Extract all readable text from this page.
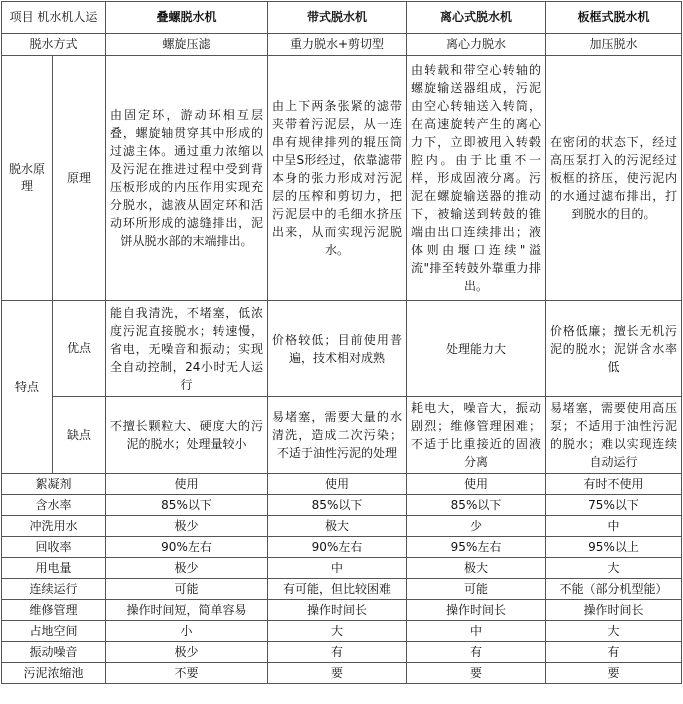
项目 机水机人运		叠螺脱水机	带式脱水机	离心式脱水机	板框式脱水机
脱水方式		螺旋压滤	重力脱水+剪切型	离心力脱水	加压脱水
脱水原理	原理	由固定环，游动环相互层叠，螺旋轴贯穿其中形成的过滤主体。通过重力浓缩以及污泥在推进过程中受到背压板形成的内压作用实现充分脱水，滤液从固定环和活动环所形成的滤缝排出，泥饼从脱水部的末端排出。	由上下两条张紧的滤带夹带着污泥层，从一连串有规律排列的辊压筒中呈S形经过，依靠滤带本身的张力形成对污泥层的压榨和剪切力，把污泥层中的毛细水挤压出来，从而实现污泥脱水。	由转载和带空心转轴的螺旋输送器组成，污泥由空心转轴送入转筒，在高速旋转产生的离心力下，立即被甩入转毂腔内。由于比重不一样，形成固液分离。污泥在螺旋输送器的推动下，被输送到转鼓的锥端由出口连续排出；液体则由堰口连续"溢流"排至转鼓外靠重力排出。	在密闭的状态下，经过高压泵打入的污泥经过板框的挤压，使污泥内的水通过滤布排出，打到脱水的目的。
特点	优点	能自我清洗，不堵塞，低浓度污泥直接脱水；转速慢，省电，无噪音和振动；实现全自动控制，24小时无人运行	价格较低；目前使用普遍，技术相对成熟	处理能力大	价格低廉；擅长无机污泥的脱水；泥饼含水率低
	缺点	不擅长颗粒大、硬度大的污泥的脱水；处理量较小	易堵塞，需要大量的水清洗，造成二次污染；不适于油性污泥的处理	耗电大，噪音大，振动剧烈；维修管理困难；不适于比重接近的固液分离	易堵塞，需要使用高压泵；不适用于油性污泥的脱水；难以实现连续自动运行
絮凝剂		使用	使用	使用	有时不使用
含水率		85%以下	85%以下	85%以下	75%以下
冲洗用水		极少	极大	少	中
回收率		90%左右	90%左右	95%左右	95%以上
用电量		极少	中	极大	大
连续运行		可能	有可能，但比较困难	可能	不能（部分机型能）
维修管理		操作时间短，简单容易	操作时间长	操作时间长	操作时间长
占地空间		小	大	中	大
振动噪音		极少	有	有	有
污泥浓缩池		不要	要	要	要
